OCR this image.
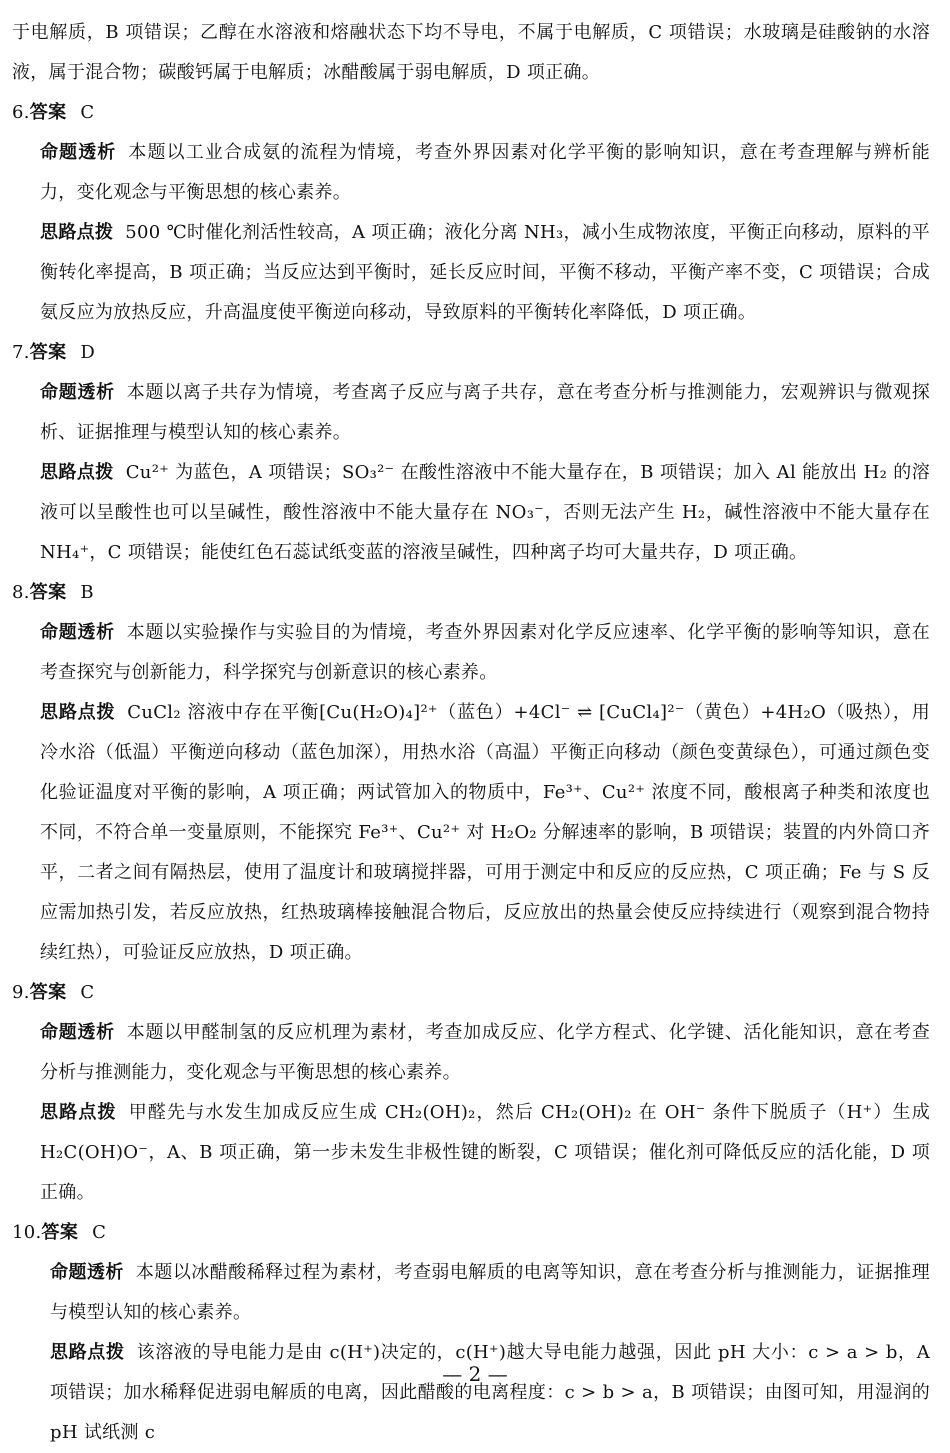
于电解质，B 项错误；乙醇在水溶液和熔融状态下均不导电，不属于电解质，C 项错误；水玻璃是硅酸钠的水溶液，属于混合物；碳酸钙属于电解质；冰醋酸属于弱电解质，D 项正确。

6.答案 C

命题透析 本题以工业合成氨的流程为情境，考查外界因素对化学平衡的影响知识，意在考查理解与辨析能力，变化观念与平衡思想的核心素养。

思路点拨 500 ℃时催化剂活性较高，A 项正确；液化分离 NH₃，减小生成物浓度，平衡正向移动，原料的平衡转化率提高，B 项正确；当反应达到平衡时，延长反应时间，平衡不移动，平衡产率不变，C 项错误；合成氨反应为放热反应，升高温度使平衡逆向移动，导致原料的平衡转化率降低，D 项正确。

7.答案 D

命题透析 本题以离子共存为情境，考查离子反应与离子共存，意在考查分析与推测能力，宏观辨识与微观探析、证据推理与模型认知的核心素养。

思路点拨 Cu²⁺ 为蓝色，A 项错误；SO₃²⁻ 在酸性溶液中不能大量存在，B 项错误；加入 Al 能放出 H₂ 的溶液可以呈酸性也可以呈碱性，酸性溶液中不能大量存在 NO₃⁻，否则无法产生 H₂，碱性溶液中不能大量存在 NH₄⁺，C 项错误；能使红色石蕊试纸变蓝的溶液呈碱性，四种离子均可大量共存，D 项正确。

8.答案 B

命题透析 本题以实验操作与实验目的为情境，考查外界因素对化学反应速率、化学平衡的影响等知识，意在考查探究与创新能力，科学探究与创新意识的核心素养。

思路点拨 CuCl₂ 溶液中存在平衡[Cu(H₂O)₄]²⁺（蓝色）+4Cl⁻ ⇌ [CuCl₄]²⁻（黄色）+4H₂O（吸热），用冷水浴（低温）平衡逆向移动（蓝色加深），用热水浴（高温）平衡正向移动（颜色变黄绿色），可通过颜色变化验证温度对平衡的影响，A 项正确；两试管加入的物质中，Fe³⁺、Cu²⁺ 浓度不同，酸根离子种类和浓度也不同，不符合单一变量原则，不能探究 Fe³⁺、Cu²⁺ 对 H₂O₂ 分解速率的影响，B 项错误；装置的内外筒口齐平，二者之间有隔热层，使用了温度计和玻璃搅拌器，可用于测定中和反应的反应热，C 项正确；Fe 与 S 反应需加热引发，若反应放热，红热玻璃棒接触混合物后，反应放出的热量会使反应持续进行（观察到混合物持续红热），可验证反应放热，D 项正确。

9.答案 C

命题透析 本题以甲醛制氢的反应机理为素材，考查加成反应、化学方程式、化学键、活化能知识，意在考查分析与推测能力，变化观念与平衡思想的核心素养。

思路点拨 甲醛先与水发生加成反应生成 CH₂(OH)₂，然后 CH₂(OH)₂ 在 OH⁻ 条件下脱质子（H⁺）生成 H₂C(OH)O⁻，A、B 项正确，第一步未发生非极性键的断裂，C 项错误；催化剂可降低反应的活化能，D 项正确。

10.答案 C

命题透析 本题以冰醋酸稀释过程为素材，考查弱电解质的电离等知识，意在考查分析与推测能力，证据推理与模型认知的核心素养。

思路点拨 该溶液的导电能力是由 c(H⁺)决定的，c(H⁺)越大导电能力越强，因此 pH 大小：c > a > b，A 项错误；加水稀释促进弱电解质的电离，因此醋酸的电离程度：c > b > a，B 项错误；由图可知，用湿润的 pH 试纸测 c

— 2 —
